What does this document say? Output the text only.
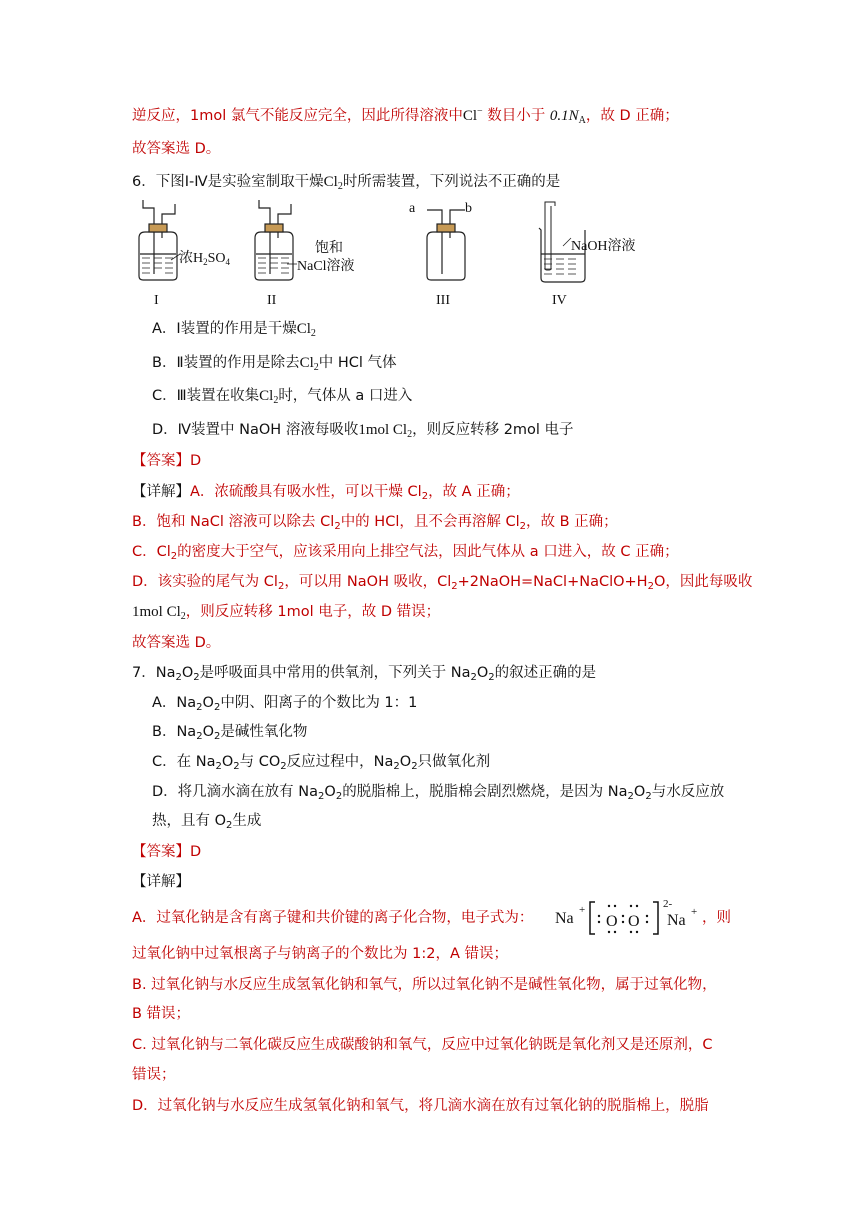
逆反应，1mol 氯气不能反应完全，因此所得溶液中Cl− 数目小于 $0.1N_A$，故 D 正确；
故答案选 D。
6．下图Ⅰ-Ⅳ是实验室制取干燥$Cl_2$时所需装置，下列说法不正确的是
浓$H_2SO_4$
饱和
NaCl溶液
a	b
NaOH溶液
I	II	III	IV
A．Ⅰ装置的作用是干燥$Cl_2$
B．Ⅱ装置的作用是除去$Cl_2$中 HCl 气体
C．Ⅲ装置在收集$Cl_2$时，气体从 a 口进入
D．Ⅳ装置中 NaOH 溶液每吸收1mol $Cl_2$，则反应转移 2mol 电子
【答案】D
【详解】A．浓硫酸具有吸水性，可以干燥 $Cl_2$，故 A 正确；
B．饱和 NaCl 溶液可以除去 $Cl_2$中的 HCl，且不会再溶解 $Cl_2$，故 B 正确；
C．$Cl_2$的密度大于空气，应该采用向上排空气法，因此气体从 a 口进入，故 C 正确；
D．该实验的尾气为 $Cl_2$，可以用 NaOH 吸收，$Cl_2+2NaOH=NaCl+NaClO+H_2O$，因此每吸收
1mol $Cl_2$，则反应转移 1mol 电子，故 D 错误；
故答案选 D。
7．$Na_2O_2$是呼吸面具中常用的供氧剂，下列关于 $Na_2O_2$的叙述正确的是
A．$Na_2O_2$中阴、阳离子的个数比为 1：1
B．$Na_2O_2$是碱性氧化物
C．在 $Na_2O_2$与 $CO_2$反应过程中，$Na_2O_2$只做氧化剂
D．将几滴水滴在放有 $Na_2O_2$的脱脂棉上，脱脂棉会剧烈燃烧，是因为 $Na_2O_2$与水反应放
热，且有 $O_2$生成
【答案】D
【详解】
A．过氧化钠是含有离子键和共价键的离子化合物，电子式为： Na +
O O
2-
Na + ，则
过氧化钠中过氧根离子与钠离子的个数比为 1:2，A 错误；
B. 过氧化钠与水反应生成氢氧化钠和氧气，所以过氧化钠不是碱性氧化物，属于过氧化物，
B 错误；
C. 过氧化钠与二氧化碳反应生成碳酸钠和氧气，反应中过氧化钠既是氧化剂又是还原剂，C
错误；
D．过氧化钠与水反应生成氢氧化钠和氧气，将几滴水滴在放有过氧化钠的脱脂棉上，脱脂
